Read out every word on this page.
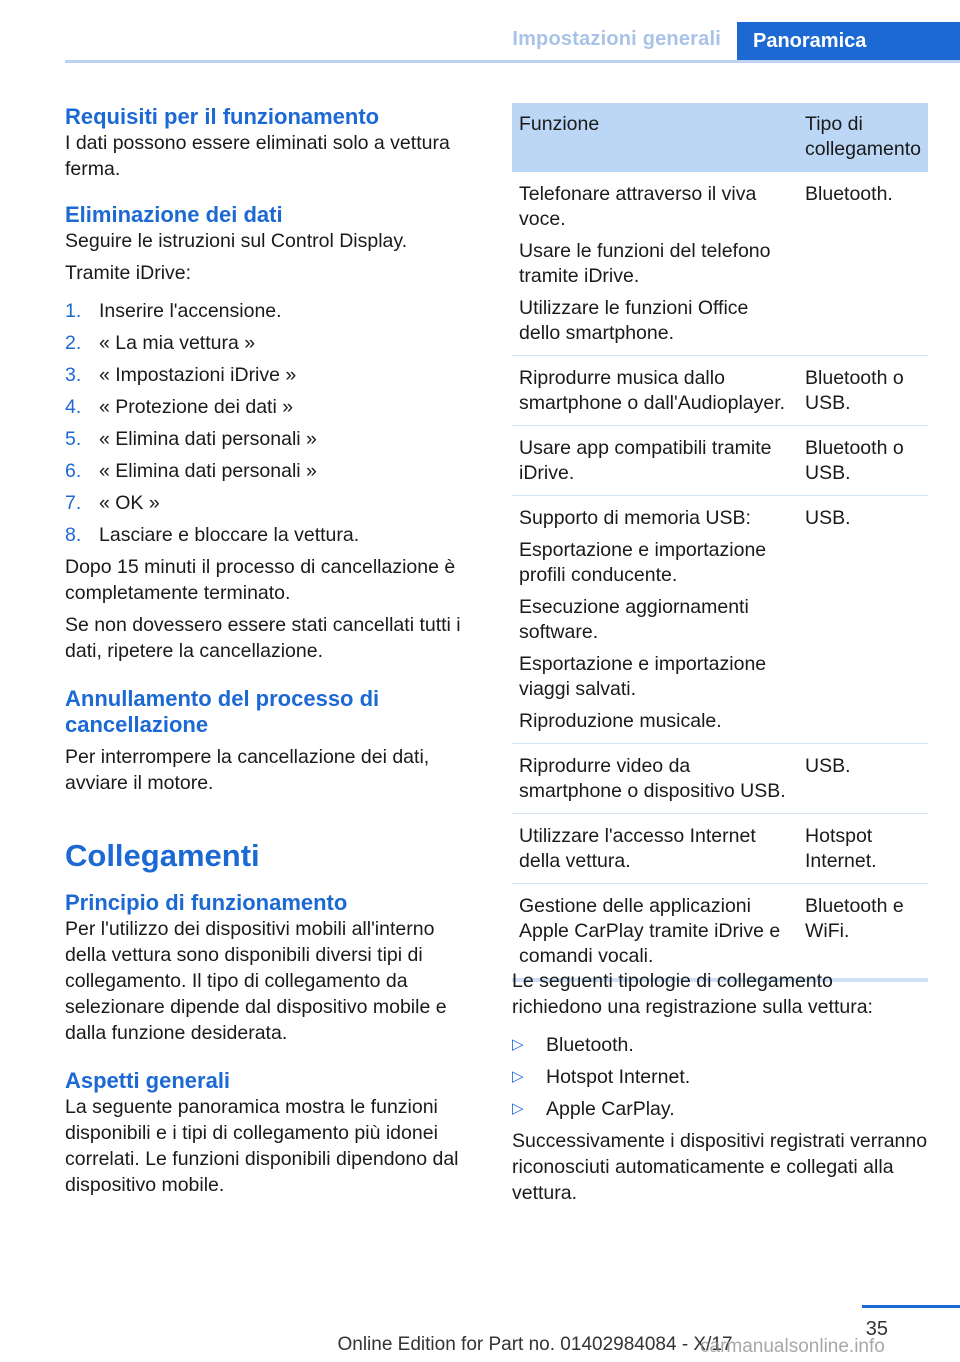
Impostazioni generali	Panoramica
Requisiti per il funzionamento

I dati possono essere eliminati solo a vettura ferma.

Eliminazione dei dati

Seguire le istruzioni sul Control Display.

Tramite iDrive:

1. Inserire l'accensione.
2. « La mia vettura »
3. « Impostazioni iDrive »
4. « Protezione dei dati »
5. « Elimina dati personali »
6. « Elimina dati personali »
7. « OK »
8. Lasciare e bloccare la vettura.

Dopo 15 minuti il processo di cancellazione è completamente terminato.

Se non dovessero essere stati cancellati tutti i dati, ripetere la cancellazione.

Annullamento del processo di cancellazione

Per interrompere la cancellazione dei dati, avviare il motore.

Collegamenti
Principio di funzionamento

Per l'utilizzo dei dispositivi mobili all'interno della vettura sono disponibili diversi tipi di collegamento. Il tipo di collegamento da selezionare dipende dal dispositivo mobile e dalla funzione desiderata.

Aspetti generali

La seguente panoramica mostra le funzioni disponibili e i tipi di collegamento più idonei correlati. Le funzioni disponibili dipendono dal dispositivo mobile.

Funzione	Tipo di collegamento

Telefonare attraverso il viva voce.
Usare le funzioni del telefono tramite iDrive.
Utilizzare le funzioni Office dello smartphone.	Bluetooth.

Riprodurre musica dallo smartphone o dall'Audioplayer.	Bluetooth o USB.

Usare app compatibili tramite iDrive.	Bluetooth o USB.

Supporto di memoria USB:
Esportazione e importazione profili conducente.
Esecuzione aggiornamenti software.
Esportazione e importazione viaggi salvati.
Riproduzione musicale.	USB.

Riprodurre video da smartphone o dispositivo USB.	USB.

Utilizzare l'accesso Internet della vettura.	Hotspot Internet.

Gestione delle applicazioni Apple CarPlay tramite iDrive e comandi vocali.	Bluetooth e WiFi.

Le seguenti tipologie di collegamento richiedono una registrazione sulla vettura:

▷ Bluetooth.
▷ Hotspot Internet.
▷ Apple CarPlay.

Successivamente i dispositivi registrati verranno riconosciuti automaticamente e collegati alla vettura.

35
Online Edition for Part no. 01402984084 - X/17
carmanualsonline.info
